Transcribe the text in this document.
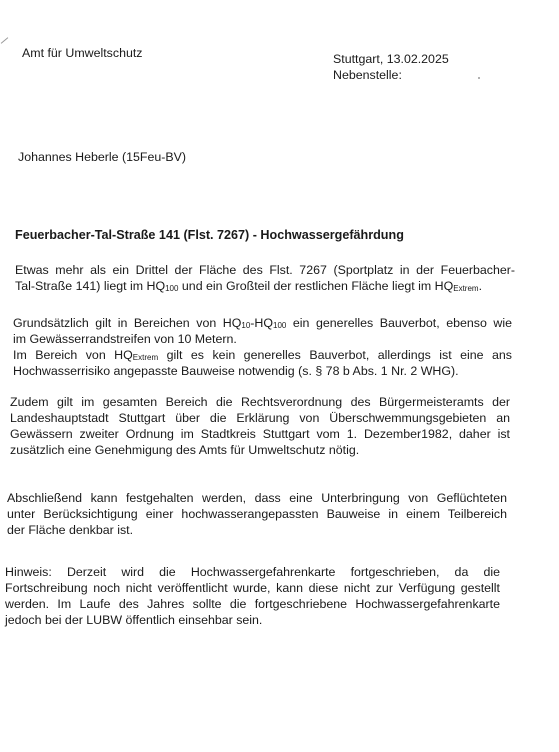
Amt für Umweltschutz	Stuttgart, 13.02.2025
Nebenstelle:
Johannes Heberle (15Feu-BV)
Feuerbacher-Tal-Straße 141 (Flst. 7267) - Hochwassergefährdung
Etwas mehr als ein Drittel der Fläche des Flst. 7267 (Sportplatz in der Feuerbacher-
Tal-Straße 141) liegt im $HQ_{100}$ und ein Großteil der restlichen Fläche liegt im $HQ_{Extrem}$.
Grundsätzlich gilt in Bereichen von $HQ_{10}-HQ_{100}$ ein generelles Bauverbot, ebenso wie
im Gewässerrandstreifen von 10 Metern.
Im Bereich von $HQ_{Extrem}$ gilt es kein generelles Bauverbot, allerdings ist eine ans
Hochwasserrisiko angepasste Bauweise notwendig (s. § 78 b Abs. 1 Nr. 2 WHG).
Zudem gilt im gesamten Bereich die Rechtsverordnung des Bürgermeisteramts der
Landeshauptstadt Stuttgart über die Erklärung von Überschwemmungsgebieten an
Gewässern zweiter Ordnung im Stadtkreis Stuttgart vom 1. Dezember1982, daher ist
zusätzlich eine Genehmigung des Amts für Umweltschutz nötig.
Abschließend kann festgehalten werden, dass eine Unterbringung von Geflüchteten
unter Berücksichtigung einer hochwasserangepassten Bauweise in einem Teilbereich
der Fläche denkbar ist.
Hinweis: Derzeit wird die Hochwassergefahrenkarte fortgeschrieben, da die
Fortschreibung noch nicht veröffentlicht wurde, kann diese nicht zur Verfügung gestellt
werden. Im Laufe des Jahres sollte die fortgeschriebene Hochwassergefahrenkarte
jedoch bei der LUBW öffentlich einsehbar sein.
